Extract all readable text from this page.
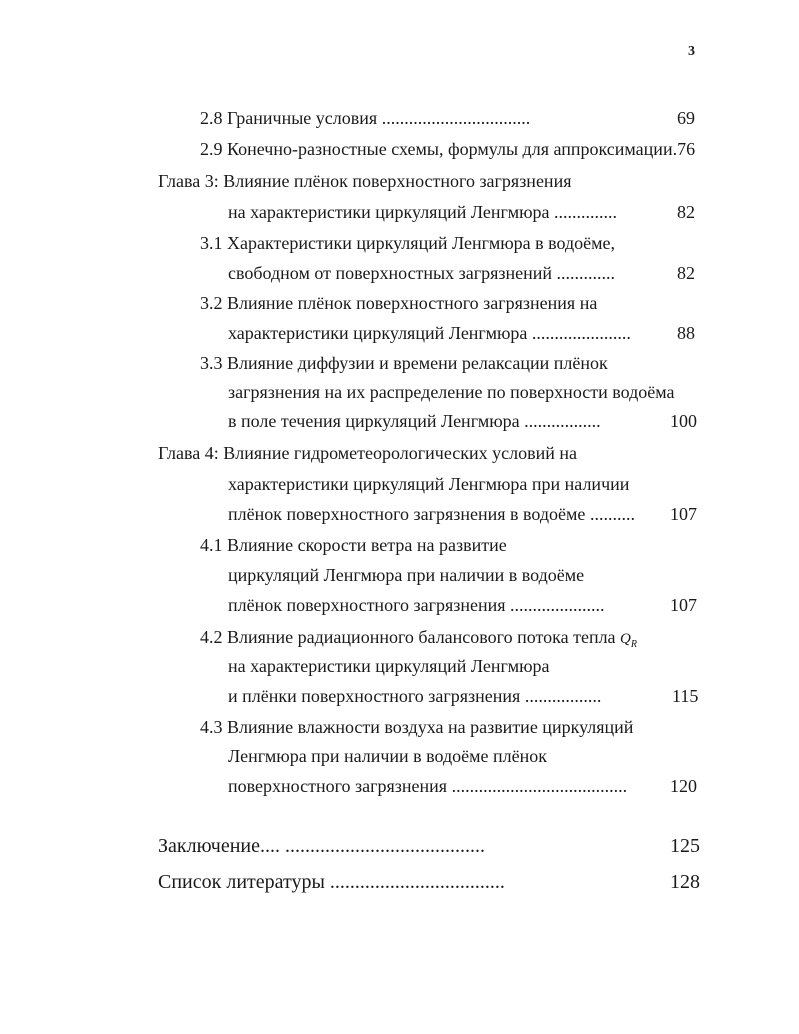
3
2.8 Граничные условия .................................	69
2.9 Конечно-разностные схемы, формулы для аппроксимации.76
Глава 3: Влияние плёнок поверхностного загрязнения
на характеристики циркуляций Ленгмюра ..............	82
3.1 Характеристики циркуляций Ленгмюра в водоёме,
свободном от поверхностных загрязнений .............	82
3.2 Влияние плёнок поверхностного загрязнения на
характеристики циркуляций Ленгмюра ......................	88
3.3 Влияние диффузии и времени релаксации плёнок
загрязнения на их распределение по поверхности водоёма
в поле течения циркуляций Ленгмюра .................	100
Глава 4: Влияние гидрометеорологических условий на
характеристики циркуляций Ленгмюра при наличии
плёнок поверхностного загрязнения в водоёме .......... 107
4.1 Влияние скорости ветра на развитие
циркуляций Ленгмюра при наличии в водоёме
плёнок поверхностного загрязнения .....................	107
4.2 Влияние радиационного балансового потока тепла $Q_R$
на характеристики циркуляций Ленгмюра
и плёнки поверхностного загрязнения .................	115
4.3 Влияние влажности воздуха на развитие циркуляций
Ленгмюра при наличии в водоёме плёнок
поверхностного загрязнения ....................................... 120
Заключение.... ........................................	125
Список литературы ...................................	128
